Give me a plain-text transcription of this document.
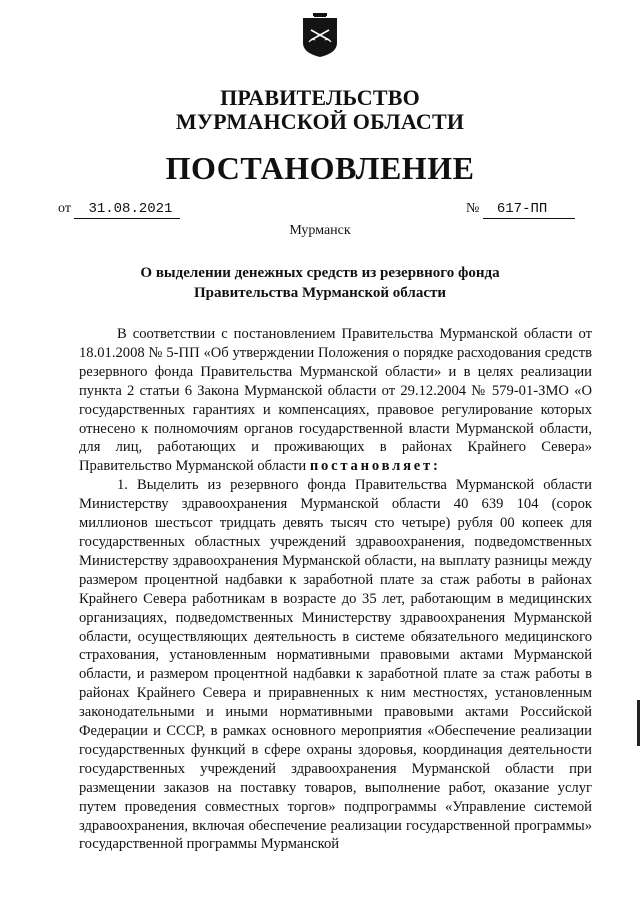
ПРАВИТЕЛЬСТВО
МУРМАНСКОЙ ОБЛАСТИ
ПОСТАНОВЛЕНИЕ
от 31.08.2021	№ 617-ПП
Мурманск
О выделении денежных средств из резервного фонда
Правительства Мурманской области

В соответствии с постановлением Правительства Мурманской области от 18.01.2008 № 5-ПП «Об утверждении Положения о порядке расходования средств резервного фонда Правительства Мурманской области» и в целях реализации пункта 2 статьи 6 Закона Мурманской области от 29.12.2004 № 579-01-ЗМО «О государственных гарантиях и компенсациях, правовое регулирование которых отнесено к полномочиям органов государственной власти Мурманской области, для лиц, работающих и проживающих в районах Крайнего Севера» Правительство Мурманской области постановляет:

1. Выделить из резервного фонда Правительства Мурманской области Министерству здравоохранения Мурманской области 40 639 104 (сорок миллионов шестьсот тридцать девять тысяч сто четыре) рубля 00 копеек для государственных областных учреждений здравоохранения, подведомственных Министерству здравоохранения Мурманской области, на выплату разницы между размером процентной надбавки к заработной плате за стаж работы в районах Крайнего Севера работникам в возрасте до 35 лет, работающим в медицинских организациях, подведомственных Министерству здравоохранения Мурманской области, осуществляющих деятельность в системе обязательного медицинского страхования, установленным нормативными правовыми актами Мурманской области, и размером процентной надбавки к заработной плате за стаж работы в районах Крайнего Севера и приравненных к ним местностях, установленным законодательными и иными нормативными правовыми актами Российской Федерации и СССР, в рамках основного мероприятия «Обеспечение реализации государственных функций в сфере охраны здоровья, координация деятельности государственных учреждений здравоохранения Мурманской области при размещении заказов на поставку товаров, выполнение работ, оказание услуг путем проведения совместных торгов» подпрограммы «Управление системой здравоохранения, включая обеспечение реализации государственной программы» государственной программы Мурманской
